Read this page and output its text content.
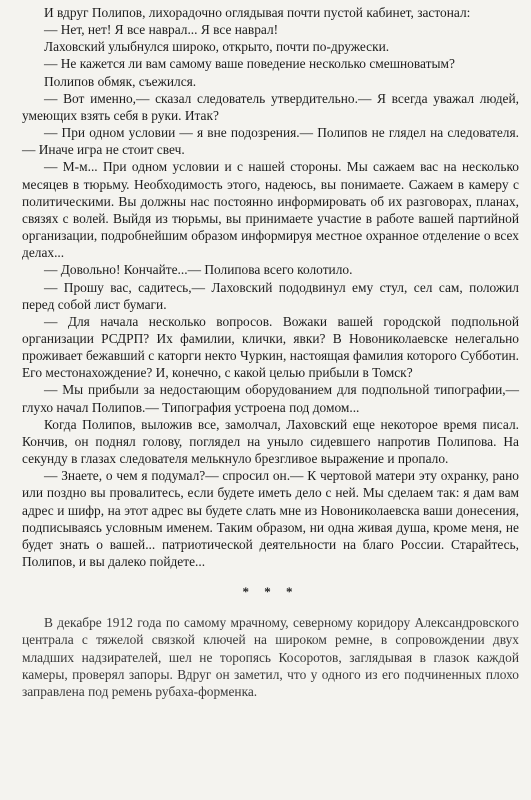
И вдруг Полипов, лихорадочно оглядывая почти пустой кабинет, застонал:

— Нет, нет! Я все наврал... Я все наврал!

Лаховский улыбнулся широко, открыто, почти по-дружески.

— Не кажется ли вам самому ваше поведение несколько смешноватым?

Полипов обмяк, съежился.

— Вот именно,— сказал следователь утвердительно.— Я всегда уважал людей, умеющих взять себя в руки. Итак?

— При одном условии — я вне подозрения.— Полипов не глядел на следователя.— Иначе игра не стоит свеч.

— М-м... При одном условии и с нашей стороны. Мы сажаем вас на несколько месяцев в тюрьму. Необходимость этого, надеюсь, вы понимаете. Сажаем в камеру с политическими. Вы должны нас постоянно информировать об их разговорах, планах, связях с волей. Выйдя из тюрьмы, вы принимаете участие в работе вашей партийной организации, подробнейшим образом информируя местное охранное отделение о всех делах...

— Довольно! Кончайте...— Полипова всего колотило.

— Прошу вас, садитесь,— Лаховский пододвинул ему стул, сел сам, положил перед собой лист бумаги.

— Для начала несколько вопросов. Вожаки вашей городской подпольной организации РСДРП? Их фамилии, клички, явки? В Новониколаевске нелегально проживает бежавший с каторги некто Чуркин, настоящая фамилия которого Субботин. Его местонахождение? И, конечно, с какой целью прибыли в Томск?

— Мы прибыли за недостающим оборудованием для подпольной типографии,— глухо начал Полипов.— Типография устроена под домом...

Когда Полипов, выложив все, замолчал, Лаховский еще некоторое время писал. Кончив, он поднял голову, поглядел на уныло сидевшего напротив Полипова. На секунду в глазах следователя мелькнуло брезгливое выражение и пропало.

— Знаете, о чем я подумал?— спросил он.— К чертовой матери эту охранку, рано или поздно вы провалитесь, если будете иметь дело с ней. Мы сделаем так: я дам вам адрес и шифр, на этот адрес вы будете слать мне из Новониколаевска ваши донесения, подписываясь условным именем. Таким образом, ни одна живая душа, кроме меня, не будет знать о вашей... патриотической деятельности на благо России. Старайтесь, Полипов, и вы далеко пойдете...

* * *

В декабре 1912 года по самому мрачному, северному коридору Александровского централа с тяжелой связкой ключей на широком ремне, в сопровождении двух младших надзирателей, шел не торопясь Косоротов, заглядывая в глазок каждой камеры, проверял запоры. Вдруг он заметил, что у одного из его подчиненных плохо заправлена под ремень рубаха-форменка.
